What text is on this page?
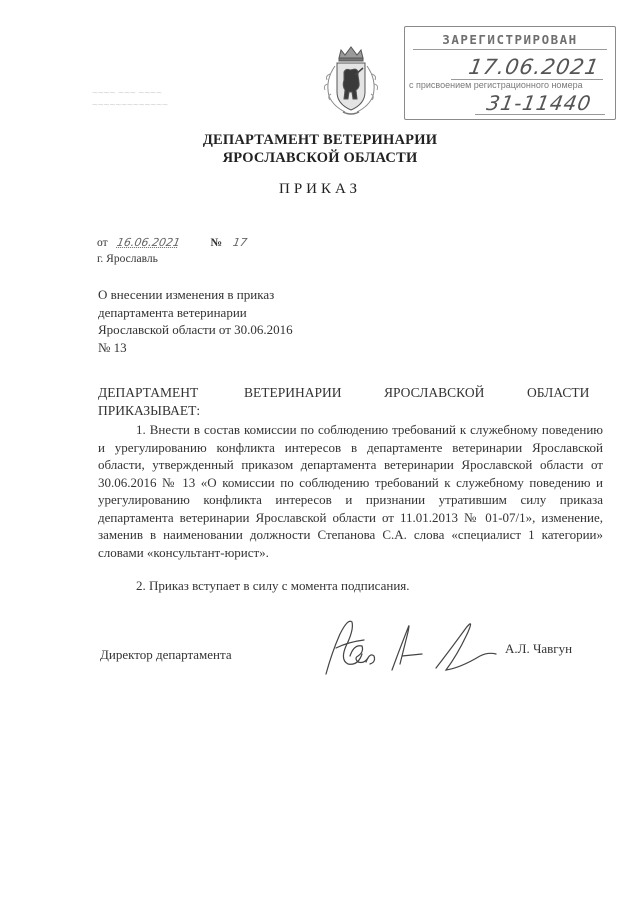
~~~~ ~~~ ~~~~
~~~~~~~~~~~~~
ЗАРЕГИСТРИРОВАН
17.06.2021
с присвоением регистрационного номера
31-11440
ДЕПАРТАМЕНТ ВЕТЕРИНАРИИ
ЯРОСЛАВСКОЙ ОБЛАСТИ
ПРИКАЗ
от 16.06.2021	№ 17
г. Ярославль
О внесении изменения в приказ
департамента ветеринарии
Ярославской области от 30.06.2016
№ 13
ДЕПАРТАМЕНТ	ВЕТЕРИНАРИИ	ЯРОСЛАВСКОЙ	ОБЛАСТИ
ПРИКАЗЫВАЕТ:
1. Внести в состав комиссии по соблюдению требований к служебному поведению и урегулированию конфликта интересов в департаменте ветеринарии Ярославской области, утвержденный приказом департамента ветеринарии Ярославской области от 30.06.2016 № 13 «О комиссии по соблюдению требований к служебному поведению и урегулированию конфликта интересов и признании утратившим силу приказа департамента ветеринарии Ярославской области от 11.01.2013 № 01-07/1», изменение, заменив в наименовании должности Степанова С.А. слова «специалист 1 категории» словами «консультант-юрист».
2. Приказ вступает в силу с момента подписания.
Директор департамента	А.Л. Чавгун
